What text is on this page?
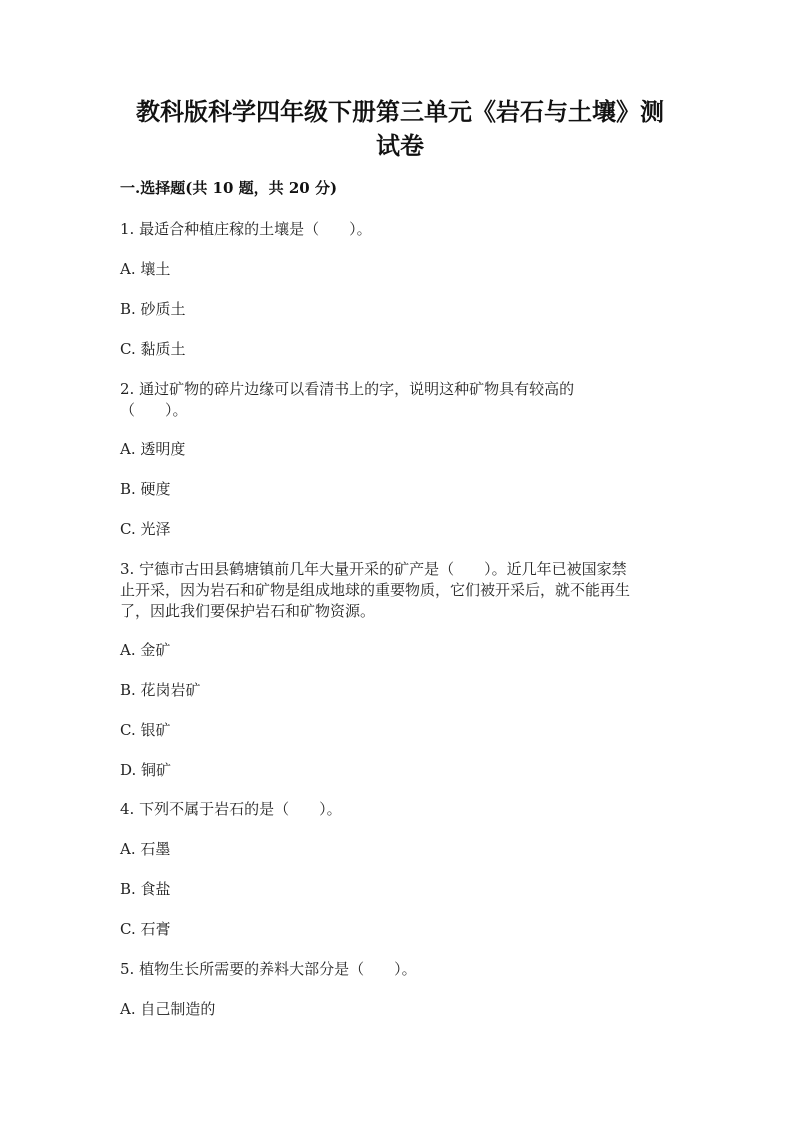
教科版科学四年级下册第三单元《岩石与土壤》测
试卷
一.选择题(共 10 题，共 20 分)
1. 最适合种植庄稼的土壤是（　　）。
A. 壤土
B. 砂质土
C. 黏质土
2. 通过矿物的碎片边缘可以看清书上的字，说明这种矿物具有较高的
（　　）。
A. 透明度
B. 硬度
C. 光泽
3. 宁德市古田县鹤塘镇前几年大量开采的矿产是（　　）。近几年已被国家禁
止开采，因为岩石和矿物是组成地球的重要物质，它们被开采后，就不能再生
了，因此我们要保护岩石和矿物资源。
A. 金矿
B. 花岗岩矿
C. 银矿
D. 铜矿
4. 下列不属于岩石的是（　　）。
A. 石墨
B. 食盐
C. 石膏
5. 植物生长所需要的养料大部分是（　　）。
A. 自己制造的
